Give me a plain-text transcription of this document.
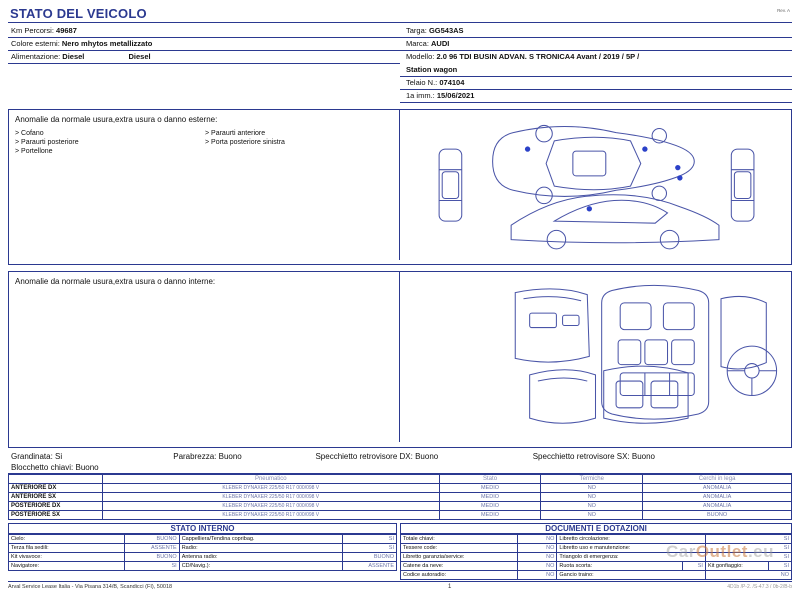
Rev. A
STATO DEL VEICOLO
Km Percorsi: 49687
Colore esterni: Nero mhytos metallizzato
Alimentazione: Diesel	Diesel
Targa: GG543AS
Marca: AUDI
Modello: 2.0 96 TDI BUSIN ADVAN. S TRONICA4 Avant / 2019 / 5P /
Station wagon
Telaio N.: 074104
1a imm.: 15/06/2021
Anomalie da normale usura,extra usura o danno esterne:
> Cofano
> Paraurti posteriore
> Portellone
> Paraurti anteriore
> Porta posteriore sinistra
Anomalie da normale usura,extra usura o danno interne:
Grandinata: Si	Parabrezza: Buono	Specchietto retrovisore DX: Buono	Specchietto retrovisore SX: Buono
Blocchetto chiavi: Buono
	Pneumatico	Stato	Termiche	Cerchi in lega
ANTERIORE DX	KLEBER DYNAXER 225/50 R17 000/098 V	MEDIO	NO	ANOMALIA
ANTERIORE SX	KLEBER DYNAXER 225/50 R17 000/098 V	MEDIO	NO	ANOMALIA
POSTERIORE DX	KLEBER DYNAXER 225/50 R17 000/098 V	MEDIO	NO	ANOMALIA
POSTERIORE SX	KLEBER DYNAXER 225/50 R17 000/098 V	MEDIO	NO	BUONO
STATO INTERNO
Cielo:	BUONO	Cappelliera/Tendina copribag.	SI
Terza fila sedili:	ASSENTE	Radio:	SI
Kit vivavoce:	BUONO	Antenna radio:	BUONO
Navigatore:	SI	CD/Navig.):	ASSENTE
DOCUMENTI E DOTAZIONI
Totale chiavi:	NO	Libretto circolazione:		SI	
Tessere code:	NO	Libretto uso e manutenzione:		SI	
Libretto garanzia/service:	NO	Triangolo di emergenza:		SI	
Catene da neve:	NO	Ruota scorta:	SI	Kit gonfiaggio:	SI
Codice autoradio:	NO	Gancio traino:		NO	
CarOutlet.eu
Arval Service Lease Italia - Via Pisana 314/B, Scandicci (FI), 50018	1	4D1b /P-2. /S-47.3 / 0b-2/B-b
